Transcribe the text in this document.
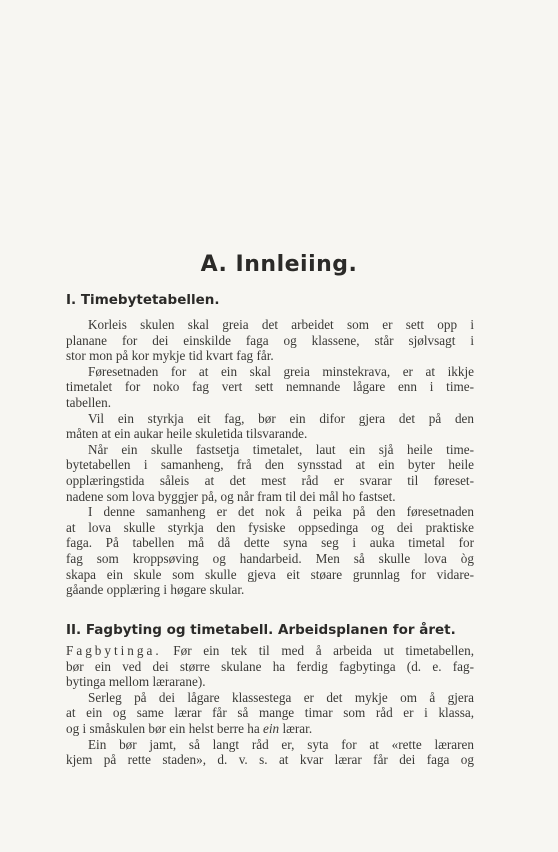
A. Innleiing.
I. Timebytetabellen.
Korleis skulen skal greia det arbeidet som er sett opp i
planane for dei einskilde faga og klassene, står sjølvsagt i
stor mon på kor mykje tid kvart fag får.
Føresetnaden for at ein skal greia minstekrava, er at ikkje
timetalet for noko fag vert sett nemnande lågare enn i time-
tabellen.
Vil ein styrkja eit fag, bør ein difor gjera det på den
måten at ein aukar heile skuletida tilsvarande.
Når ein skulle fastsetja timetalet, laut ein sjå heile time-
bytetabellen i samanheng, frå den synsstad at ein byter heile
opplæringstida såleis at det mest råd er svarar til føreset-
nadene som lova byggjer på, og når fram til dei mål ho fastset.
I denne samanheng er det nok å peika på den føresetnaden
at lova skulle styrkja den fysiske oppsedinga og dei praktiske
faga. På tabellen må då dette syna seg i auka timetal for
fag som kroppsøving og handarbeid. Men så skulle lova òg
skapa ein skule som skulle gjeva eit støare grunnlag for vidare-
gåande opplæring i høgare skular.
II. Fagbyting og timetabell. Arbeidsplanen for året.
Fagbytinga. Før ein tek til med å arbeida ut timetabellen,
bør ein ved dei større skulane ha ferdig fagbytinga (d. e. fag-
bytinga mellom lærarane).
Serleg på dei lågare klassestega er det mykje om å gjera
at ein og same lærar får så mange timar som råd er i klassa,
og i småskulen bør ein helst berre ha ein lærar.
Ein bør jamt, så langt råd er, syta for at «rette læraren
kjem på rette staden», d. v. s. at kvar lærar får dei faga og
